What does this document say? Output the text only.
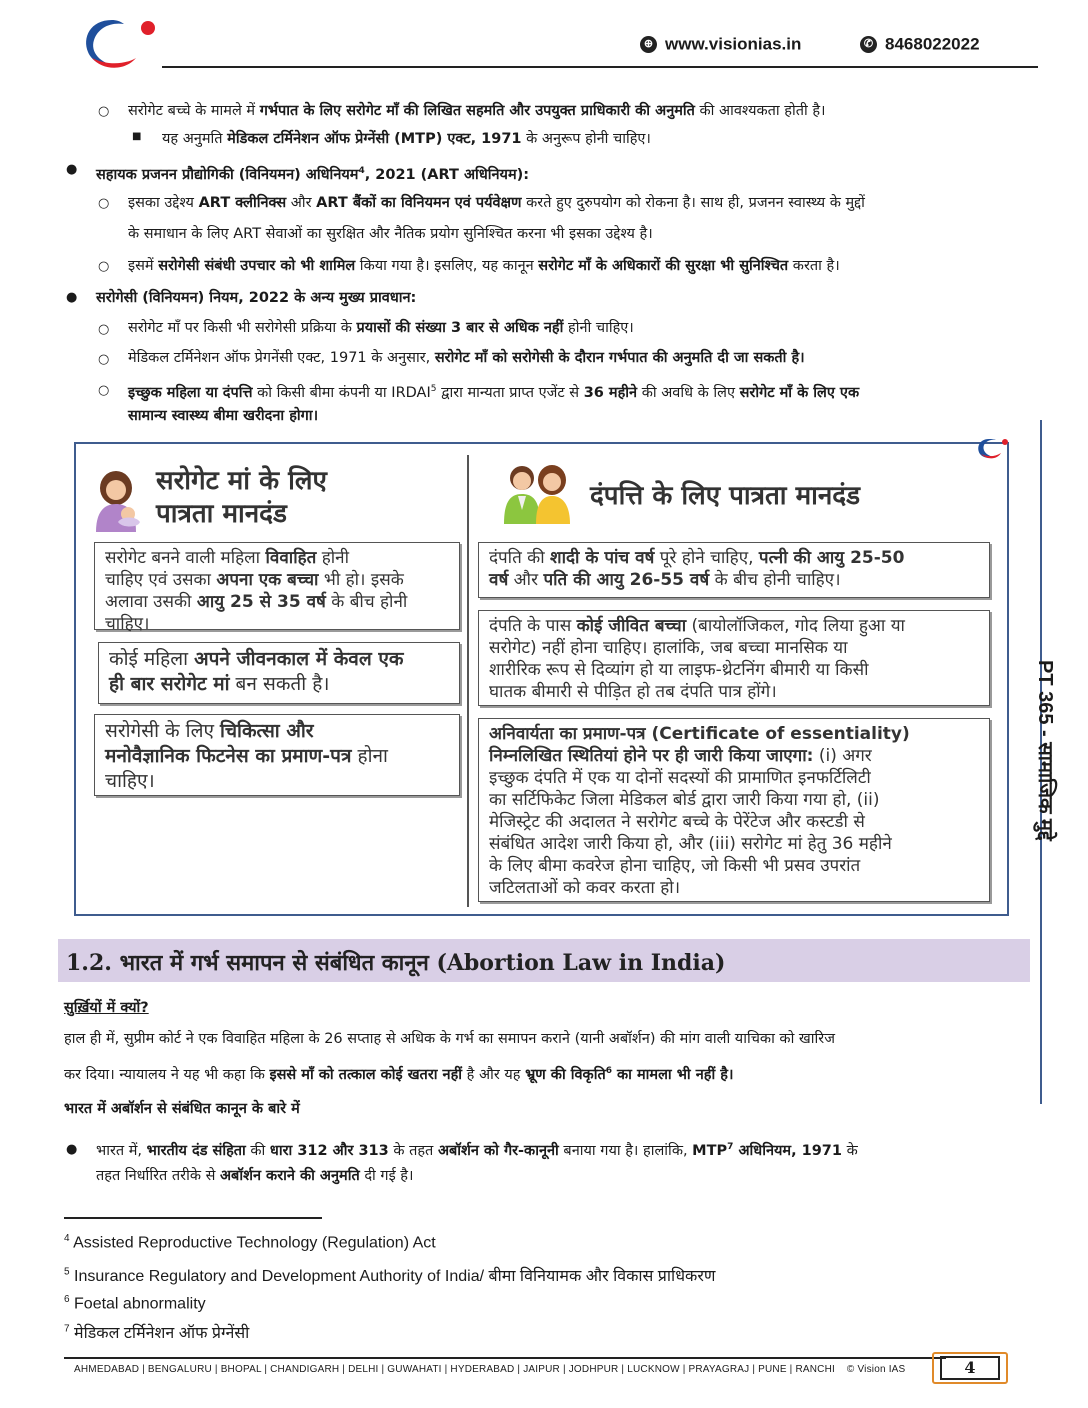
⊕ www.visionias.in	✆ 8468022022
○ सरोगेट बच्चे के मामले में गर्भपात के लिए सरोगेट माँ की लिखित सहमति और उपयुक्त प्राधिकारी की अनुमति की आवश्यकता होती है।
■ यह अनुमति मेडिकल टर्मिनेशन ऑफ प्रेग्नेंसी (MTP) एक्ट, 1971 के अनुरूप होनी चाहिए।
● सहायक प्रजनन प्रौद्योगिकी (विनियमन) अधिनियम$^4$, 2021 (ART अधिनियम):
○ इसका उद्देश्य ART क्लीनिक्स और ART बैंकों का विनियमन एवं पर्यवेक्षण करते हुए दुरुपयोग को रोकना है। साथ ही, प्रजनन स्वास्थ्य के मुद्दों
के समाधान के लिए ART सेवाओं का सुरक्षित और नैतिक प्रयोग सुनिश्चित करना भी इसका उद्देश्य है।
○ इसमें सरोगेसी संबंधी उपचार को भी शामिल किया गया है। इसलिए, यह कानून सरोगेट माँ के अधिकारों की सुरक्षा भी सुनिश्चित करता है।
● सरोगेसी (विनियमन) नियम, 2022 के अन्य मुख्य प्रावधान:
○ सरोगेट माँ पर किसी भी सरोगेसी प्रक्रिया के प्रयासों की संख्या 3 बार से अधिक नहीं होनी चाहिए।
○ मेडिकल टर्मिनेशन ऑफ प्रेगनेंसी एक्ट, 1971 के अनुसार, सरोगेट माँ को सरोगेसी के दौरान गर्भपात की अनुमति दी जा सकती है।
○ इच्छुक महिला या दंपत्ति को किसी बीमा कंपनी या IRDAI$^5$ द्वारा मान्यता प्राप्त एजेंट से 36 महीने की अवधि के लिए सरोगेट माँ के लिए एक
सामान्य स्वास्थ्य बीमा खरीदना होगा।
सरोगेट मां के लिए
पात्रता मानदंड
दंपत्ति के लिए पात्रता मानदंड
सरोगेट बनने वाली महिला विवाहित होनी
चाहिए एवं उसका अपना एक बच्चा भी हो। इसके
अलावा उसकी आयु 25 से 35 वर्ष के बीच होनी
चाहिए।
कोई महिला अपने जीवनकाल में केवल एक
ही बार सरोगेट मां बन सकती है।
सरोगेसी के लिए चिकित्सा और
मनोवैज्ञानिक फिटनेस का प्रमाण-पत्र होना
चाहिए।
दंपति की शादी के पांच वर्ष पूरे होने चाहिए, पत्नी की आयु 25-50
वर्ष और पति की आयु 26-55 वर्ष के बीच होनी चाहिए।
दंपति के पास कोई जीवित बच्चा (बायोलॉजिकल, गोद लिया हुआ या
सरोगेट) नहीं होना चाहिए। हालांकि, जब बच्चा मानसिक या
शारीरिक रूप से दिव्यांग हो या लाइफ-थ्रेटनिंग बीमारी या किसी
घातक बीमारी से पीड़ित हो तब दंपति पात्र होंगे।
अनिवार्यता का प्रमाण-पत्र (Certificate of essentiality)
निम्नलिखित स्थितियां होने पर ही जारी किया जाएगा: (i) अगर
इच्छुक दंपति में एक या दोनों सदस्यों की प्रामाणित इनफर्टिलिटी
का सर्टिफिकेट जिला मेडिकल बोर्ड द्वारा जारी किया गया हो, (ii)
मेजिस्ट्रेट की अदालत ने सरोगेट बच्चे के पेरेंटेज और कस्टडी से
संबंधित आदेश जारी किया हो, और (iii) सरोगेट मां हेतु 36 महीने
के लिए बीमा कवरेज होना चाहिए, जो किसी भी प्रसव उपरांत
जटिलताओं को कवर करता हो।
1.2. भारत में गर्भ समापन से संबंधित कानून (Abortion Law in India)
सुर्ख़ियों में क्यों?
हाल ही में, सुप्रीम कोर्ट ने एक विवाहित महिला के 26 सप्ताह से अधिक के गर्भ का समापन कराने (यानी अबॉर्शन) की मांग वाली याचिका को खारिज
कर दिया। न्यायालय ने यह भी कहा कि इससे माँ को तत्काल कोई खतरा नहीं है और यह भ्रूण की विकृति$^6$ का मामला भी नहीं है।
भारत में अबॉर्शन से संबंधित कानून के बारे में
● भारत में, भारतीय दंड संहिता की धारा 312 और 313 के तहत अबॉर्शन को गैर-कानूनी बनाया गया है। हालांकि, MTP$^7$ अधिनियम, 1971 के
तहत निर्धारित तरीके से अबॉर्शन कराने की अनुमति दी गई है।
PT 365 - सामाजिक मुद्दे
$^4$ Assisted Reproductive Technology (Regulation) Act
$^5$ Insurance Regulatory and Development Authority of India/ बीमा विनियामक और विकास प्राधिकरण
$^6$ Foetal abnormality
$^7$ मेडिकल टर्मिनेशन ऑफ प्रेग्नेंसी
AHMEDABAD | BENGALURU | BHOPAL | CHANDIGARH | DELHI | GUWAHATI | HYDERABAD | JAIPUR | JODHPUR | LUCKNOW | PRAYAGRAJ | PUNE | RANCHI © Vision IAS	4
